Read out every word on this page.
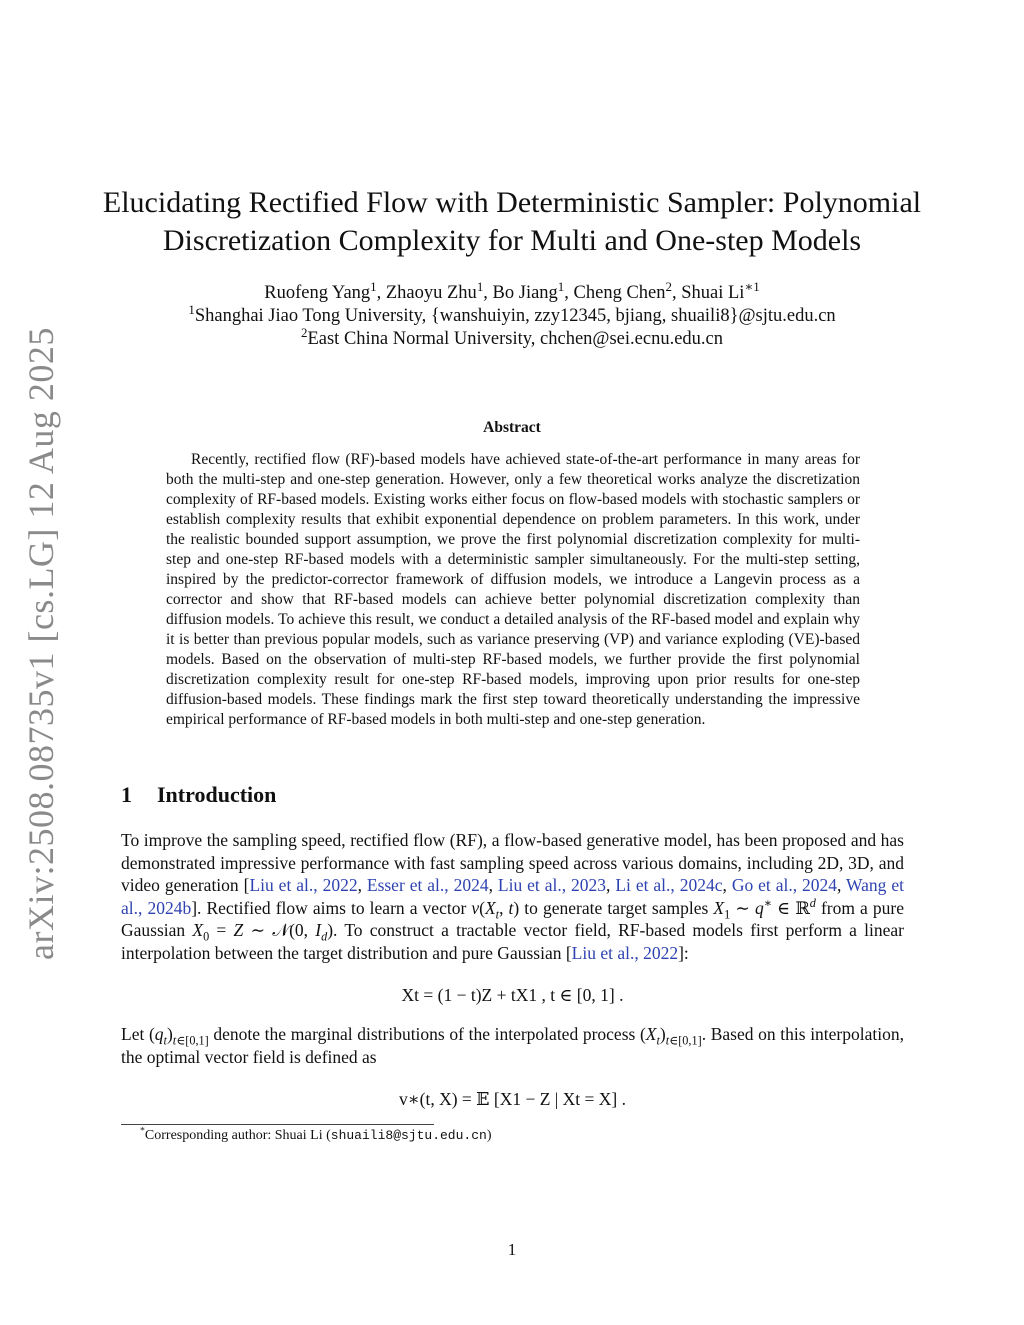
arXiv:2508.08735v1 [cs.LG] 12 Aug 2025
Elucidating Rectified Flow with Deterministic Sampler: Polynomial
Discretization Complexity for Multi and One-step Models
Ruofeng Yang$^1$, Zhaoyu Zhu$^1$, Bo Jiang$^1$, Cheng Chen$^2$, Shuai $Li^{∗1}$
$^1$Shanghai Jiao Tong University, {wanshuiyin, zzy12345, bjiang, shuaili8}@sjtu.edu.cn
$^2$East China Normal University, chchen@sei.ecnu.edu.cn
Abstract
Recently, rectified flow (RF)-based models have achieved state-of-the-art performance in many areas for both the multi-step and one-step generation. However, only a few theoretical works analyze the discretization complexity of RF-based models. Existing works either focus on flow-based models with stochastic samplers or establish complexity results that exhibit exponential dependence on problem parameters. In this work, under the realistic bounded support assumption, we prove the first polynomial discretization complexity for multi-step and one-step RF-based models with a deterministic sampler simultaneously. For the multi-step setting, inspired by the predictor-corrector framework of diffusion models, we introduce a Langevin process as a corrector and show that RF-based models can achieve better polynomial discretization complexity than diffusion models. To achieve this result, we conduct a detailed analysis of the RF-based model and explain why it is better than previous popular models, such as variance preserving (VP) and variance exploding (VE)-based models. Based on the observation of multi-step RF-based models, we further provide the first polynomial discretization complexity result for one-step RF-based models, improving upon prior results for one-step diffusion-based models. These findings mark the first step toward theoretically understanding the impressive empirical performance of RF-based models in both multi-step and one-step generation.
1 Introduction
To improve the sampling speed, rectified flow (RF), a flow-based generative model, has been proposed and has demonstrated impressive performance with fast sampling speed across various domains, including 2D, 3D, and video generation [Liu et al., 2022, Esser et al., 2024, Liu et al., 2023, Li et al., 2024c, Go et al., 2024, Wang et al., 2024b]. Rectified flow aims to learn a vector $v(X_t$, t) to generate target samples $X_1$ ∼ q∗ ∈ ℝ$^d$ from a pure Gaussian $X_0 = Z$ ∼ 𝒩(0, $I_d$). To construct a tractable vector field, RF-based models first perform a linear interpolation between the target distribution and pure Gaussian [Liu et al., 2022]:
Xt = (1 − t)Z + tX1 , t ∈ [0, 1] .
Let $(q_t)_{t\in[0,1]}$ denote the marginal distributions of the interpolated process $(X_t)_{t\in[0,1]}$. Based on this interpolation, the optimal vector field is defined as
v∗(t, X) = 𝔼 [X1 − Z | Xt = X] .
*Corresponding author: Shuai Li (shuaili8@sjtu.edu.cn)
1
